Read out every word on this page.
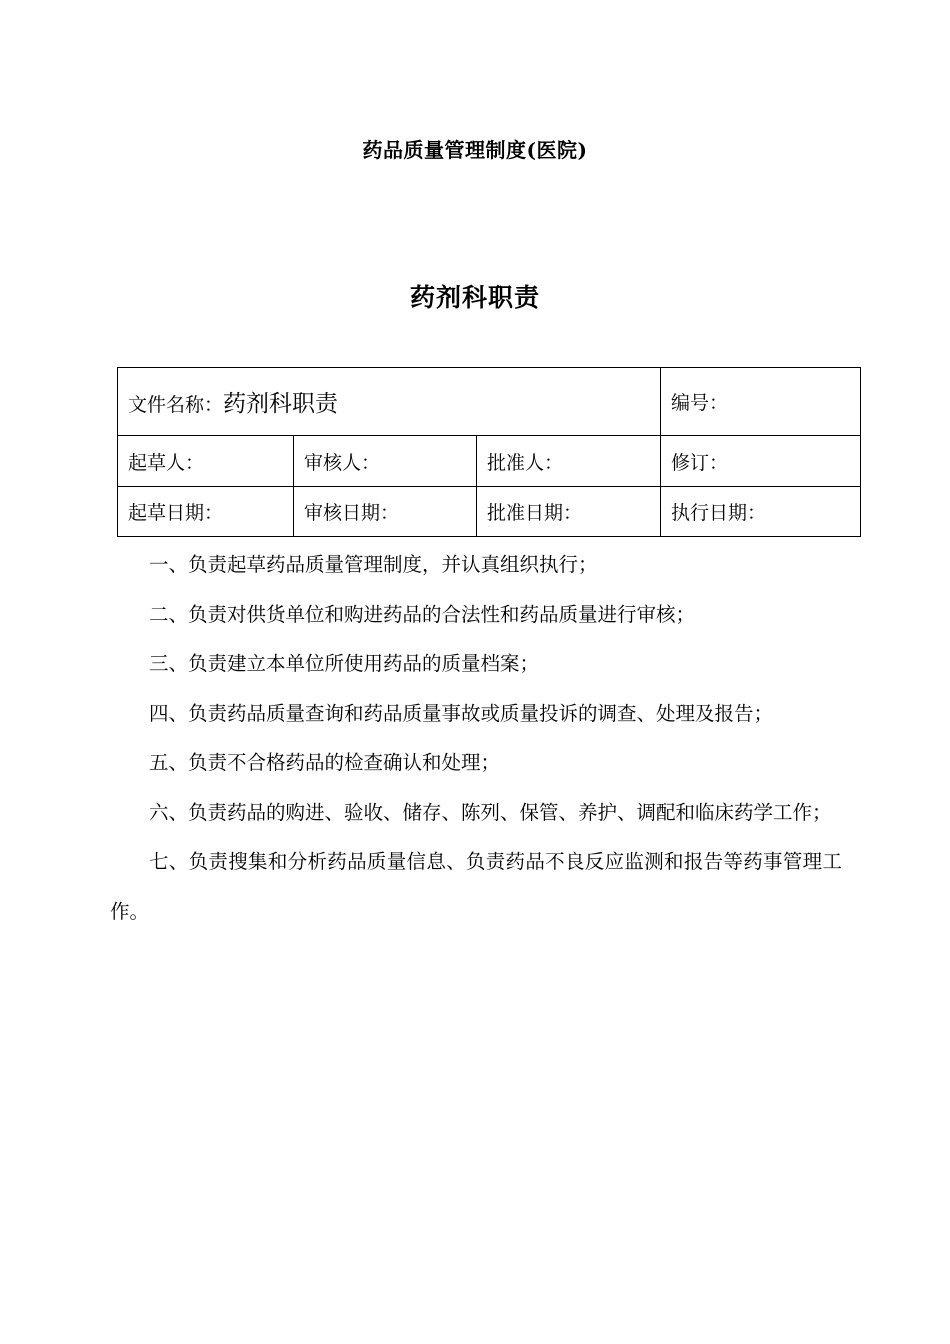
药品质量管理制度(医院)
药剂科职责
文件名称：药剂科职责			编号：
起草人：	审核人：	批准人：	修订：
起草日期：	审核日期：	批准日期：	执行日期：

一、负责起草药品质量管理制度，并认真组织执行；

二、负责对供货单位和购进药品的合法性和药品质量进行审核；

三、负责建立本单位所使用药品的质量档案；

四、负责药品质量查询和药品质量事故或质量投诉的调查、处理及报告；

五、负责不合格药品的检查确认和处理；

六、负责药品的购进、验收、储存、陈列、保管、养护、调配和临床药学工作；

七、负责搜集和分析药品质量信息、负责药品不良反应监测和报告等药事管理工作。
